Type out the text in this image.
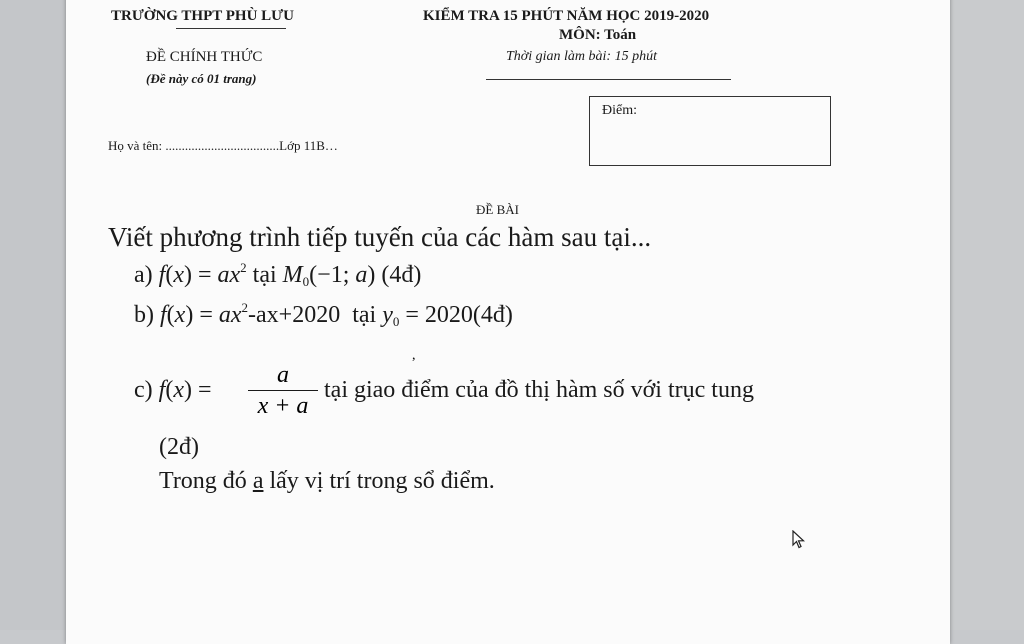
TRƯỜNG THPT PHÙ LƯU	KIỂM TRA 15 PHÚT NĂM HỌC 2019-2020
MÔN: Toán
ĐỀ CHÍNH THỨC
(Đề này có 01 trang)
Thời gian làm bài: 15 phút
Điểm:
Họ và tên: ...................................Lớp 11B…
ĐỀ BÀI
Viết phương trình tiếp tuyến của các hàm sau tại...
a) $f(x) = ax^2$ tại $M_0(-1$; a) (4đ)
b) $f(x) = ax^2-ax+2020$ tại $y_0$ = 2020(4đ)
,
c) f(x) =
a
x + a
tại giao điểm của đồ thị hàm số với trục tung
(2đ)
Trong đó a lấy vị trí trong sổ điểm.
